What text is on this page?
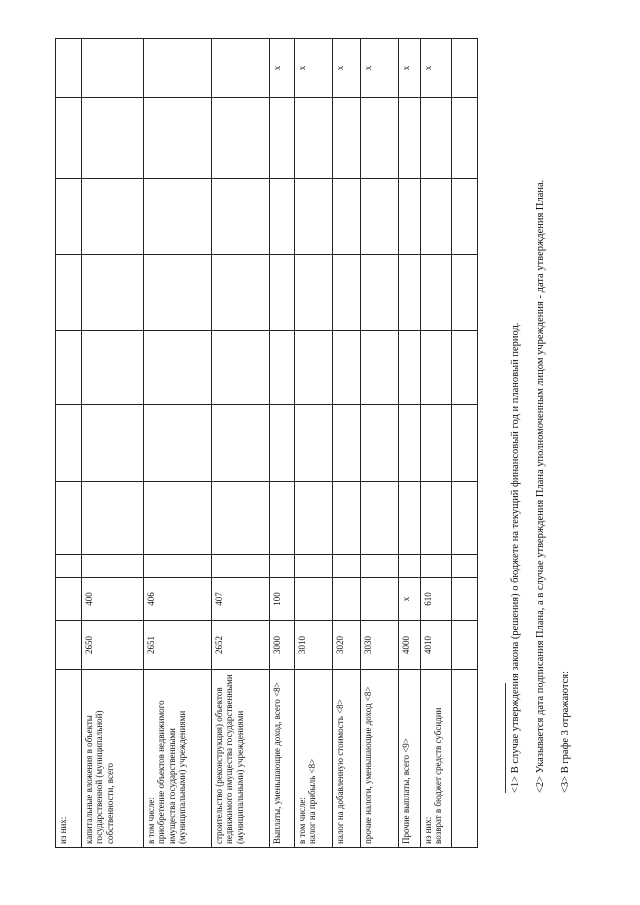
из них:										
капитальные вложения в объекты государственной (муниципальной) собственности, всего	2650	400								
в том числе:
приобретение объектов недвижимого имущества государственными (муниципальными) учреждениями	2651	406								
строительство (реконструкция) объектов недвижимого имущества государственными (муниципальными) учреждениями	2652	407								
Выплаты, уменьшающие доход, всего <8>	3000	100								x
в том числе:
налог на прибыль <8>	3010									x
налог на добавленную стоимость <8>	3020									x
прочие налоги, уменьшающие доход <8>	3030									x
Прочие выплаты, всего <9>	4000	x								x
из них:
возврат в бюджет средств субсидии	4010	610								x

<1> В случае утверждения закона (решения) о бюджете на текущий финансовый год и плановый период. <2> Указывается дата подписания Плана, а в случае утверждения Плана уполномоченным лицом учреждения - дата утверждения Плана. <3> В графе 3 отражаются:
